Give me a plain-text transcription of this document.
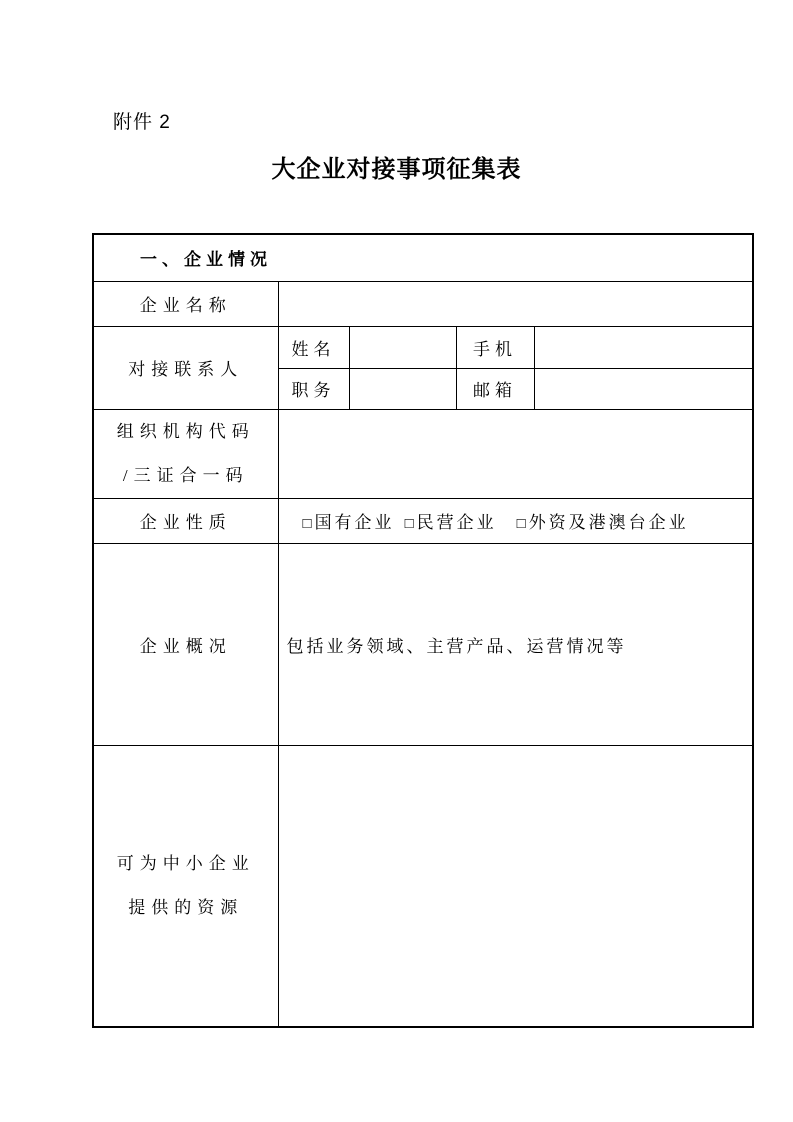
附件 2
大企业对接事项征集表
一、企业情况				
企业名称				
对接联系人	姓名		手机	
	职务		邮箱	

组织机构代码
/三证合一码				

企业性质	□国有企业 □民营企业 □外资及港澳台企业			
企业概况	包括业务领域、主营产品、运营情况等			

可为中小企业
提供的资源				
